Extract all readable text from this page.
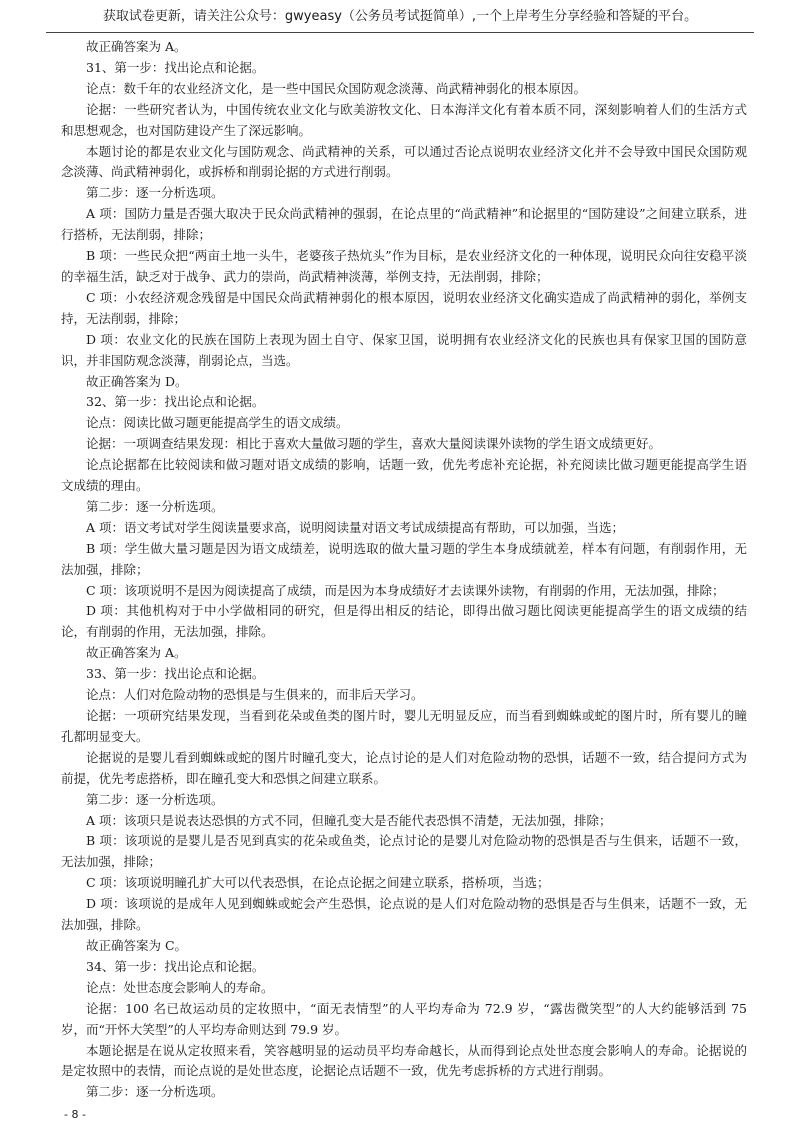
获取试卷更新，请关注公众号：gwyeasy（公务员考试挺简单）,一个上岸考生分享经验和答疑的平台。

故正确答案为 A。

31、第一步：找出论点和论据。

论点：数千年的农业经济文化，是一些中国民众国防观念淡薄、尚武精神弱化的根本原因。

论据：一些研究者认为，中国传统农业文化与欧美游牧文化、日本海洋文化有着本质不同，深刻影响着人们的生活方式和思想观念，也对国防建设产生了深远影响。

本题讨论的都是农业文化与国防观念、尚武精神的关系，可以通过否论点说明农业经济文化并不会导致中国民众国防观念淡薄、尚武精神弱化，或拆桥和削弱论据的方式进行削弱。

第二步：逐一分析选项。

A 项：国防力量是否强大取决于民众尚武精神的强弱，在论点里的“尚武精神”和论据里的“国防建设”之间建立联系，进行搭桥，无法削弱，排除；

B 项：一些民众把“两亩土地一头牛，老婆孩子热炕头”作为目标，是农业经济文化的一种体现，说明民众向往安稳平淡的幸福生活，缺乏对于战争、武力的崇尚，尚武精神淡薄，举例支持，无法削弱，排除；

C 项：小农经济观念残留是中国民众尚武精神弱化的根本原因，说明农业经济文化确实造成了尚武精神的弱化，举例支持，无法削弱，排除；

D 项：农业文化的民族在国防上表现为固土自守、保家卫国，说明拥有农业经济文化的民族也具有保家卫国的国防意识，并非国防观念淡薄，削弱论点，当选。

故正确答案为 D。

32、第一步：找出论点和论据。

论点：阅读比做习题更能提高学生的语文成绩。

论据：一项调查结果发现：相比于喜欢大量做习题的学生，喜欢大量阅读课外读物的学生语文成绩更好。

论点论据都在比较阅读和做习题对语文成绩的影响，话题一致，优先考虑补充论据，补充阅读比做习题更能提高学生语文成绩的理由。

第二步：逐一分析选项。

A 项：语文考试对学生阅读量要求高，说明阅读量对语文考试成绩提高有帮助，可以加强，当选；

B 项：学生做大量习题是因为语文成绩差，说明选取的做大量习题的学生本身成绩就差，样本有问题，有削弱作用，无法加强，排除；

C 项：该项说明不是因为阅读提高了成绩，而是因为本身成绩好才去读课外读物，有削弱的作用，无法加强，排除；

D 项：其他机构对于中小学做相同的研究，但是得出相反的结论，即得出做习题比阅读更能提高学生的语文成绩的结论，有削弱的作用，无法加强，排除。

故正确答案为 A。

33、第一步：找出论点和论据。

论点：人们对危险动物的恐惧是与生俱来的，而非后天学习。

论据：一项研究结果发现，当看到花朵或鱼类的图片时，婴儿无明显反应，而当看到蜘蛛或蛇的图片时，所有婴儿的瞳孔都明显变大。

论据说的是婴儿看到蜘蛛或蛇的图片时瞳孔变大，论点讨论的是人们对危险动物的恐惧，话题不一致，结合提问方式为前提，优先考虑搭桥，即在瞳孔变大和恐惧之间建立联系。

第二步：逐一分析选项。

A 项：该项只是说表达恐惧的方式不同，但瞳孔变大是否能代表恐惧不清楚，无法加强，排除；

B 项：该项说的是婴儿是否见到真实的花朵或鱼类，论点讨论的是婴儿对危险动物的恐惧是否与生俱来，话题不一致，无法加强，排除；

C 项：该项说明瞳孔扩大可以代表恐惧，在论点论据之间建立联系，搭桥项，当选；

D 项：该项说的是成年人见到蜘蛛或蛇会产生恐惧，论点说的是人们对危险动物的恐惧是否与生俱来，话题不一致，无法加强，排除。

故正确答案为 C。

34、第一步：找出论点和论据。

论点：处世态度会影响人的寿命。

论据：100 名已故运动员的定妆照中，“面无表情型”的人平均寿命为 72.9 岁，“露齿微笑型”的人大约能够活到 75 岁，而“开怀大笑型”的人平均寿命则达到 79.9 岁。

本题论据是在说从定妆照来看，笑容越明显的运动员平均寿命越长，从而得到论点处世态度会影响人的寿命。论据说的是定妆照中的表情，而论点说的是处世态度，论据论点话题不一致，优先考虑拆桥的方式进行削弱。

第二步：逐一分析选项。

- 8 -
